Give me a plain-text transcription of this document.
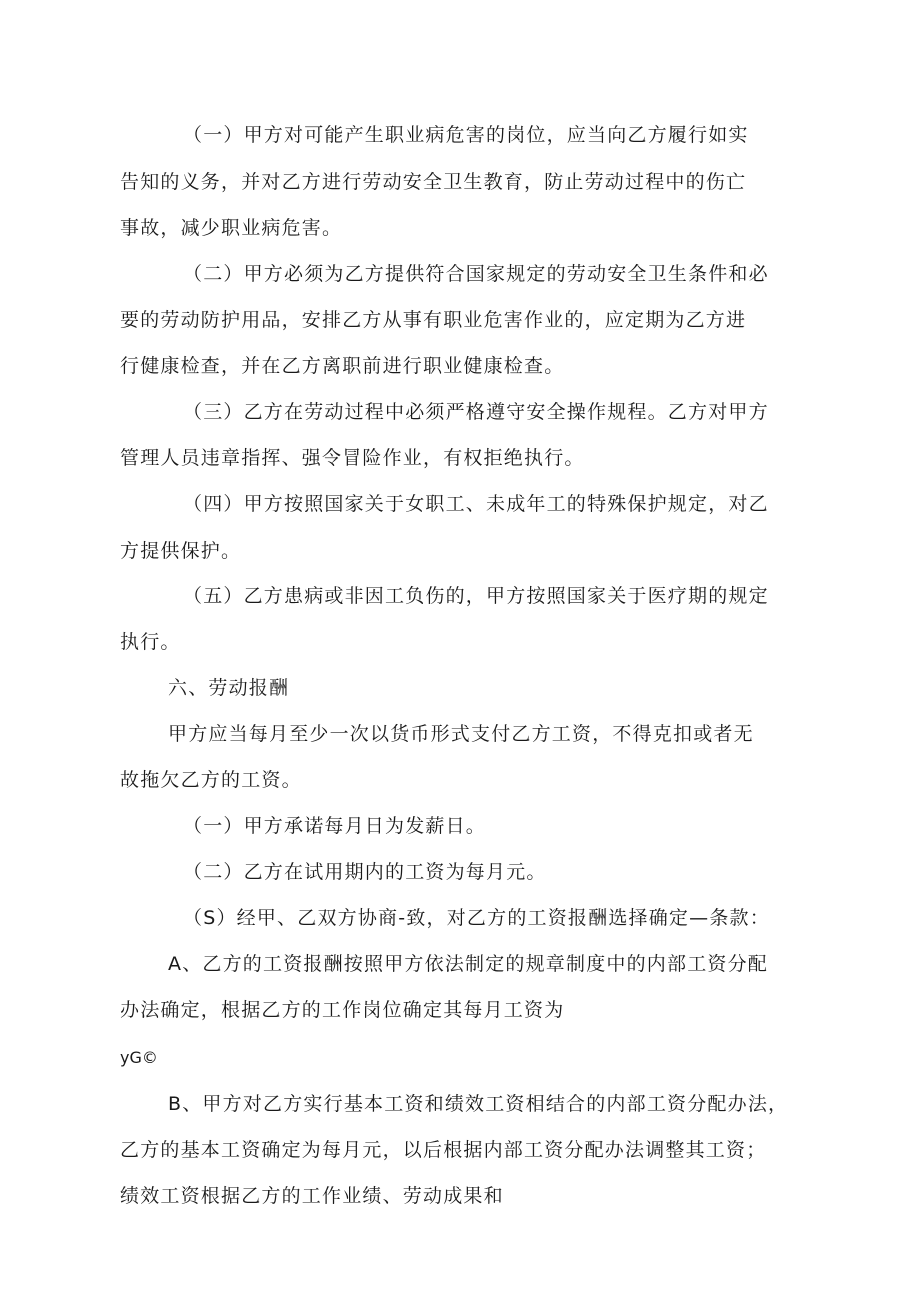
（一）甲方对可能产生职业病危害的岗位，应当向乙方履行如实
告知的义务，并对乙方进行劳动安全卫生教育，防止劳动过程中的伤亡
事故，减少职业病危害。
（二）甲方必须为乙方提供符合国家规定的劳动安全卫生条件和必
要的劳动防护用品，安排乙方从事有职业危害作业的，应定期为乙方进
行健康检查，并在乙方离职前进行职业健康检查。
（三）乙方在劳动过程中必须严格遵守安全操作规程。乙方对甲方
管理人员违章指挥、强令冒险作业，有权拒绝执行。
（四）甲方按照国家关于女职工、未成年工的特殊保护规定，对乙
方提供保护。
（五）乙方患病或非因工负伤的，甲方按照国家关于医疗期的规定
执行。
六、劳动报酬
甲方应当每月至少一次以货币形式支付乙方工资，不得克扣或者无
故拖欠乙方的工资。
（一）甲方承诺每月日为发薪日。
（二）乙方在试用期内的工资为每月元。
（S）经甲、乙双方协商-致，对乙方的工资报酬选择确定—条款：
A、乙方的工资报酬按照甲方依法制定的规章制度中的内部工资分配
办法确定，根据乙方的工作岗位确定其每月工资为
yG©
B、甲方对乙方实行基本工资和绩效工资相结合的内部工资分配办法，
乙方的基本工资确定为每月元，以后根据内部工资分配办法调整其工资；
绩效工资根据乙方的工作业绩、劳动成果和
